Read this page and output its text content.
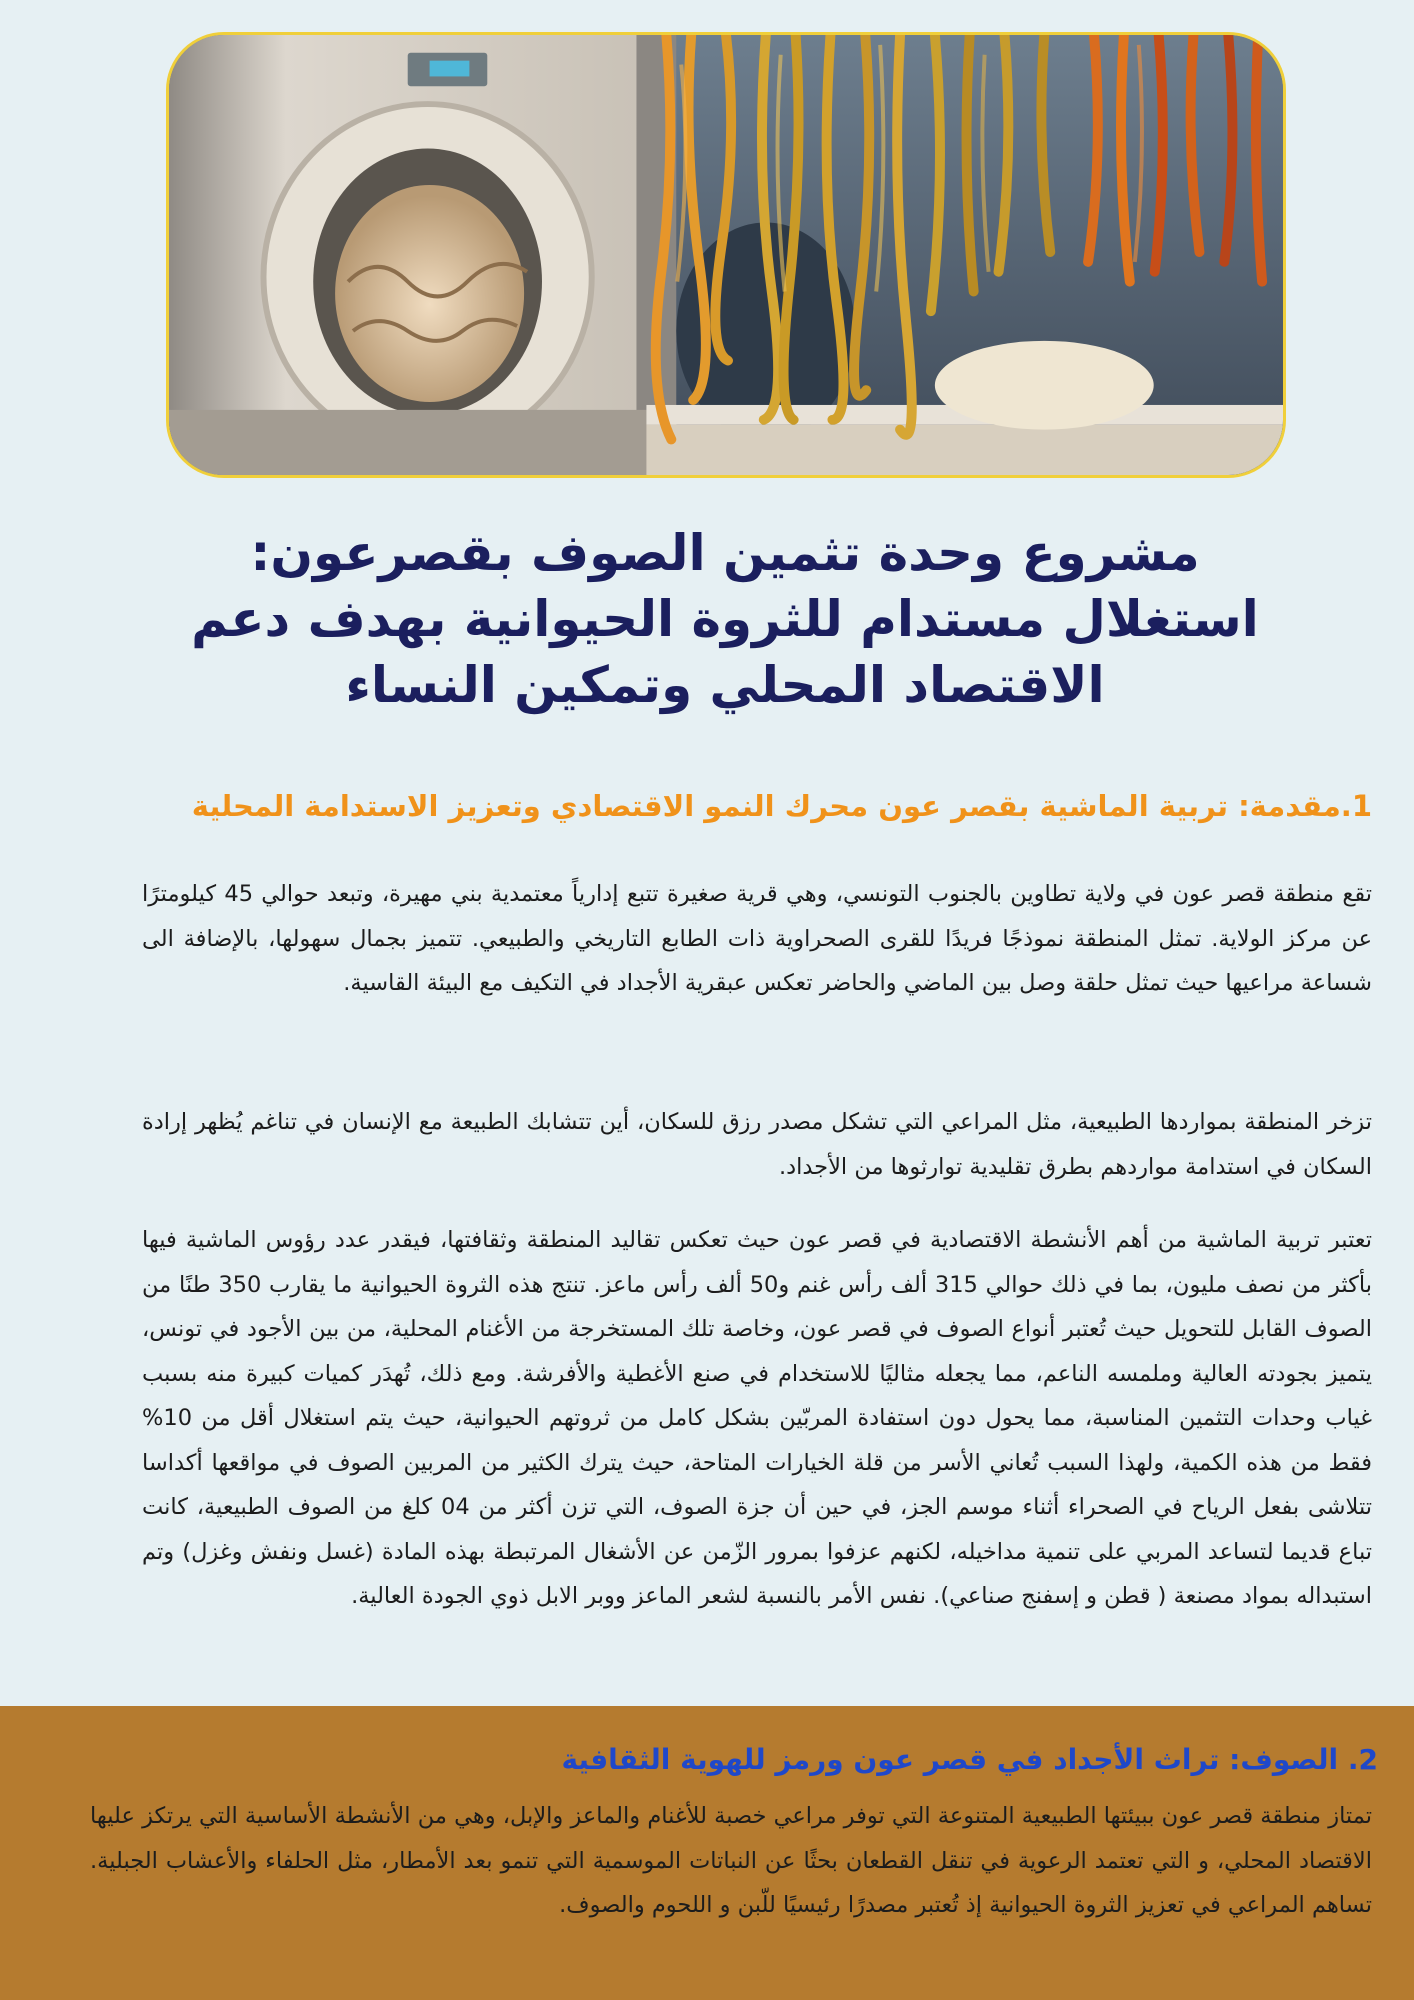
مشروع وحدة تثمين الصوف بقصرعون: استغلال مستدام للثروة الحيوانية بهدف دعم الاقتصاد المحلي وتمكين النساء
1.مقدمة: تربية الماشية بقصر عون محرك النمو الاقتصادي وتعزيز الاستدامة المحلية

تقع منطقة قصر عون في ولاية تطاوين بالجنوب التونسي، وهي قرية صغيرة تتبع إدارياً معتمدية بني مهيرة، وتبعد حوالي 45 كيلومترًا عن مركز الولاية. تمثل المنطقة نموذجًا فريدًا للقرى الصحراوية ذات الطابع التاريخي والطبيعي. تتميز بجمال سهولها، بالإضافة الى شساعة مراعيها حيث تمثل حلقة وصل بين الماضي والحاضر تعكس عبقرية الأجداد في التكيف مع البيئة القاسية.

تزخر المنطقة بمواردها الطبيعية، مثل المراعي التي تشكل مصدر رزق للسكان، أين تتشابك الطبيعة مع الإنسان في تناغم يُظهر إرادة السكان في استدامة مواردهم بطرق تقليدية توارثوها من الأجداد.

تعتبر تربية الماشية من أهم الأنشطة الاقتصادية في قصر عون حيث تعكس تقاليد المنطقة وثقافتها، فيقدر عدد رؤوس الماشية فيها بأكثر من نصف مليون، بما في ذلك حوالي 315 ألف رأس غنم و50 ألف رأس ماعز. تنتج هذه الثروة الحيوانية ما يقارب 350 طنًا من الصوف القابل للتحويل حيث تُعتبر أنواع الصوف في قصر عون، وخاصة تلك المستخرجة من الأغنام المحلية، من بين الأجود في تونس، يتميز بجودته العالية وملمسه الناعم، مما يجعله مثاليًا للاستخدام في صنع الأغطية والأفرشة. ومع ذلك، تُهدَر كميات كبيرة منه بسبب غياب وحدات التثمين المناسبة، مما يحول دون استفادة المربّين بشكل كامل من ثروتهم الحيوانية، حيث يتم استغلال أقل من 10% فقط من هذه الكمية، ولهذا السبب تُعاني الأسر من قلة الخيارات المتاحة، حيث يترك الكثير من المربين الصوف في مواقعها أكداسا تتلاشى بفعل الرياح في الصحراء أثناء موسم الجز، في حين أن جزة الصوف، التي تزن أكثر من 04 كلغ من الصوف الطبيعية، كانت تباع قديما لتساعد المربي على تنمية مداخيله، لكنهم عزفوا بمرور الزّمن عن الأشغال المرتبطة بهذه المادة (غسل ونفش وغزل) وتم استبداله بمواد مصنعة ( قطن و إسفنج صناعي). نفس الأمر بالنسبة لشعر الماعز ووبر الابل ذوي الجودة العالية.

2. الصوف: تراث الأجداد في قصر عون ورمز للهوية الثقافية

تمتاز منطقة قصر عون ببيئتها الطبيعية المتنوعة التي توفر مراعي خصبة للأغنام والماعز والإبل، وهي من الأنشطة الأساسية التي يرتكز عليها الاقتصاد المحلي، و التي تعتمد الرعوية في تنقل القطعان بحثًا عن النباتات الموسمية التي تنمو بعد الأمطار، مثل الحلفاء والأعشاب الجبلية. تساهم المراعي في تعزيز الثروة الحيوانية إذ تُعتبر مصدرًا رئيسيًا للّبن و اللحوم والصوف.
